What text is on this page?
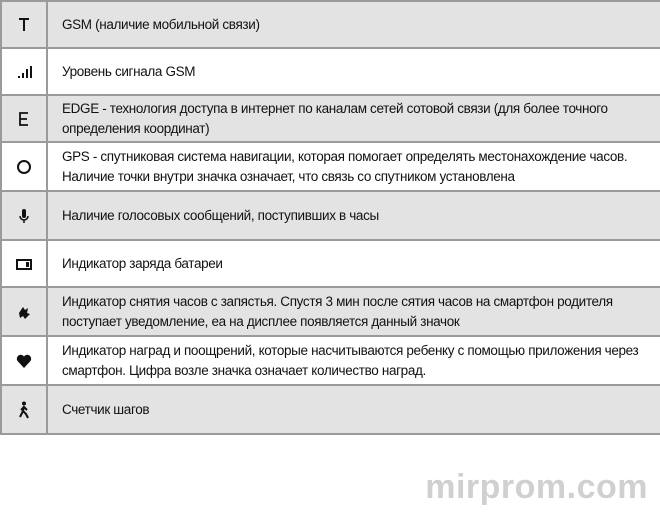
GSM (наличие мобильной связи)
Уровень сигнала GSM
EDGE - технология доступа в интернет по каналам сетей сотовой связи (для более точного
определения координат)
GPS - спутниковая система навигации, которая помогает определять местонахождение часов.
Наличие точки внутри значка означает, что связь со спутником установлена
Наличие голосовых сообщений, поступивших в часы
Индикатор заряда батареи
Индикатор снятия часов с запястья. Спустя 3 мин после сятия часов на смартфон родителя
поступает уведомление, еа на дисплее появляется данный значок
Индикатор наград и поощрений, которые насчитываются ребенку с помощью приложения через
смартфон. Цифра возле значка означает количество наград.
Счетчик шагов
mirprom.com
